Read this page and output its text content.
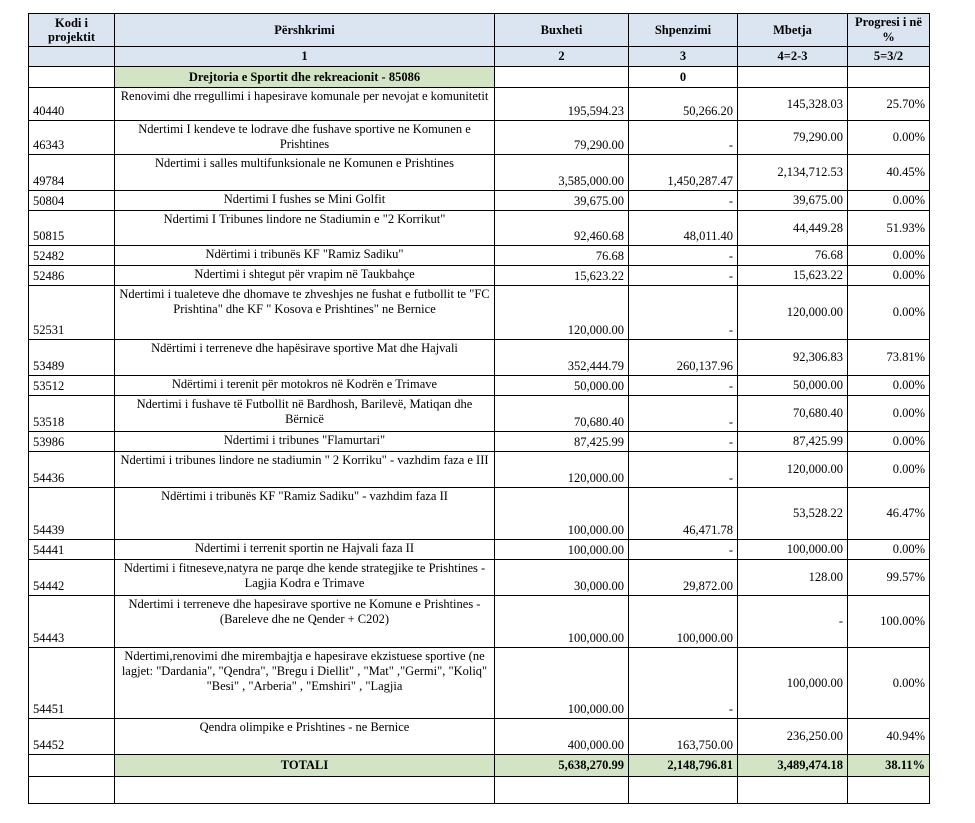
Kodi i projektit	Përshkrimi	Buxheti	Shpenzimi	Mbetja	Progresi i në %
	1	2	3	4=2-3	5=3/2
	Drejtoria e Sportit dhe rekreacionit - 85086		0		
40440	Renovimi dhe rregullimi i hapesirave komunale per nevojat e komunitetit	195,594.23	50,266.20	145,328.03	25.70%
46343	Ndertimi I kendeve te lodrave dhe fushave sportive ne Komunen e Prishtines	79,290.00	-	79,290.00	0.00%
49784	Ndertimi i salles multifunksionale ne Komunen e Prishtines	3,585,000.00	1,450,287.47	2,134,712.53	40.45%
50804	Ndertimi I fushes se Mini Golfit	39,675.00	-	39,675.00	0.00%
50815	Ndertimi I Tribunes lindore ne Stadiumin e "2 Korrikut"	92,460.68	48,011.40	44,449.28	51.93%
52482	Ndërtimi i tribunës KF "Ramiz Sadiku"	76.68	-	76.68	0.00%
52486	Ndertimi i shtegut për vrapim në Taukbahçe	15,623.22	-	15,623.22	0.00%
52531	Ndertimi i tualeteve dhe dhomave te zhveshjes ne fushat e futbollit te "FC Prishtina" dhe KF " Kosova e Prishtines" ne Bernice	120,000.00	-	120,000.00	0.00%
53489	Ndërtimi i terreneve dhe hapësirave sportive Mat dhe Hajvali	352,444.79	260,137.96	92,306.83	73.81%
53512	Ndërtimi i terenit për motokros në Kodrën e Trimave	50,000.00	-	50,000.00	0.00%
53518	Ndertimi i fushave të Futbollit në Bardhosh, Barilevë, Matiqan dhe Bërnicë	70,680.40	-	70,680.40	0.00%
53986	Ndertimi i tribunes "Flamurtari"	87,425.99	-	87,425.99	0.00%
54436	Ndertimi i tribunes lindore ne stadiumin " 2 Korriku" - vazhdim faza e III	120,000.00	-	120,000.00	0.00%
54439	Ndërtimi i tribunës KF "Ramiz Sadiku" - vazhdim faza II	100,000.00	46,471.78	53,528.22	46.47%
54441	Ndertimi i terrenit sportin ne Hajvali faza II	100,000.00	-	100,000.00	0.00%
54442	Ndertimi i fitneseve,natyra ne parqe dhe kende strategjike te Prishtines - Lagjia Kodra e Trimave	30,000.00	29,872.00	128.00	99.57%
54443	Ndertimi i terreneve dhe hapesirave sportive ne Komune e Prishtines - (Bareleve dhe ne Qender + C202)	100,000.00	100,000.00	-	100.00%
54451	Ndertimi,renovimi dhe mirembajtja e hapesirave ekzistuese sportive (ne lagjet: "Dardania", "Qendra", "Bregu i Diellit" , "Mat" ,"Germi", "Koliq" "Besi" , "Arberia" , "Emshiri" , "Lagjia	100,000.00	-	100,000.00	0.00%
54452	Qendra olimpike e Prishtines - ne Bernice	400,000.00	163,750.00	236,250.00	40.94%
	TOTALI	5,638,270.99	2,148,796.81	3,489,474.18	38.11%
